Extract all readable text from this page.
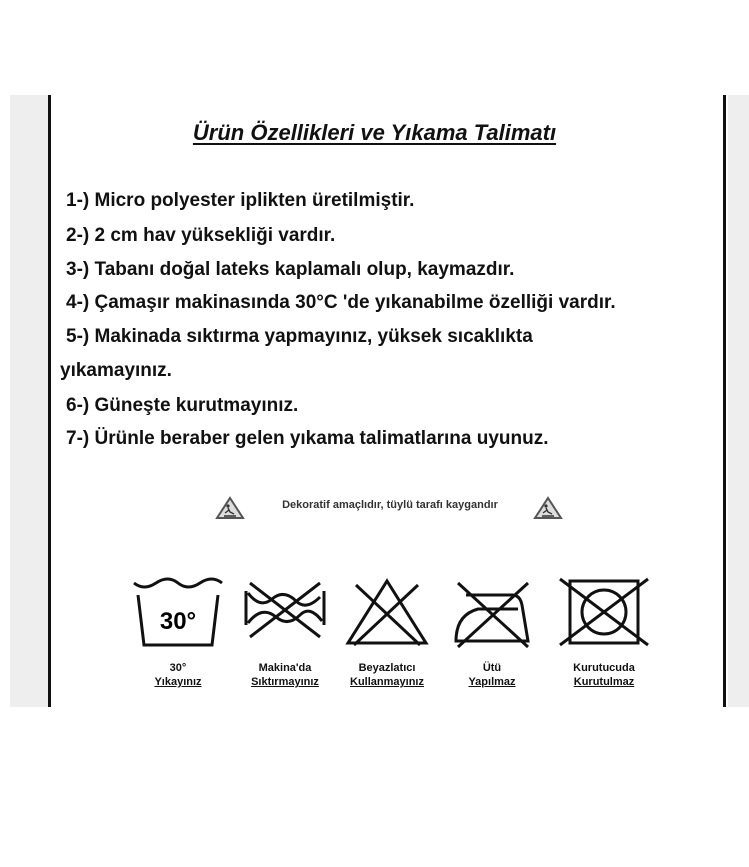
Ürün Özellikleri ve Yıkama Talimatı
1-) Micro polyester iplikten üretilmiştir.
2-) 2 cm hav yüksekliği vardır.
3-) Tabanı doğal lateks kaplamalı olup, kaymazdır.
4-) Çamaşır makinasında 30°C 'de yıkanabilme özelliği vardır.
5-) Makinada sıktırma yapmayınız, yüksek sıcaklıkta
yıkamayınız.
6-) Güneşte kurutmayınız.
7-) Ürünle beraber gelen yıkama talimatlarına uyunuz.
Dekoratif amaçlıdır, tüylü tarafı kaygandır
30°
30°
Yıkayınız
Makina'da
Sıktırmayınız
Beyazlatıcı
Kullanmayınız
Ütü
Yapılmaz
Kurutucuda
Kurutulmaz
